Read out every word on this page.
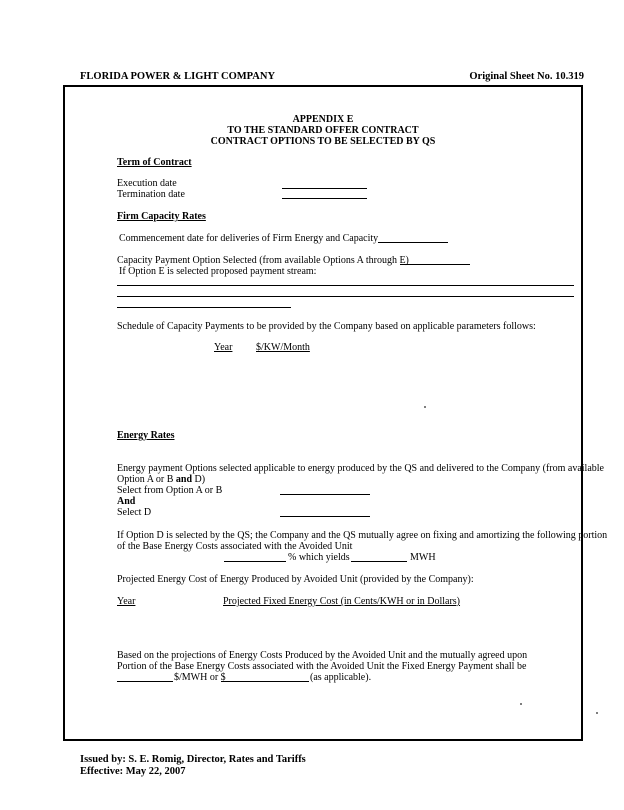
FLORIDA POWER & LIGHT COMPANY	Original Sheet No. 10.319
APPENDIX E
TO THE STANDARD OFFER CONTRACT
CONTRACT OPTIONS TO BE SELECTED BY QS
Term of Contract
Execution date
Termination date
Firm Capacity Rates
Commencement date for deliveries of Firm Energy and Capacity
Capacity Payment Option Selected (from available Options A through E)
If Option E is selected proposed payment stream:
Schedule of Capacity Payments to be provided by the Company based on applicable parameters follows:
Year $/KW/Month
Energy Rates
Energy payment Options selected applicable to energy produced by the QS and delivered to the Company (from available
Option A or B and D)
Select from Option A or B
And
Select D
If Option D is selected by the QS; the Company and the QS mutually agree on fixing and amortizing the following portion
of the Base Energy Costs associated with the Avoided Unit
% which yields	MWH
Projected Energy Cost of Energy Produced by Avoided Unit (provided by the Company):
Year	Projected Fixed Energy Cost (in Cents/KWH or in Dollars)
Based on the projections of Energy Costs Produced by the Avoided Unit and the mutually agreed upon
Portion of the Base Energy Costs associated with the Avoided Unit the Fixed Energy Payment shall be
$/MWH or $	(as applicable).
Issued by: S. E. Romig, Director, Rates and Tariffs
Effective: May 22, 2007
